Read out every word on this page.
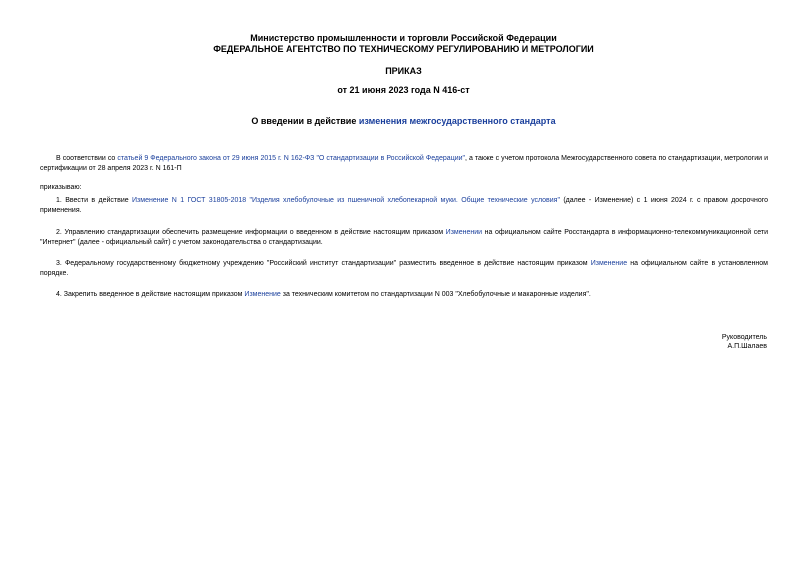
Министерство промышленности и торговли Российской Федерации
ФЕДЕРАЛЬНОЕ АГЕНТСТВО ПО ТЕХНИЧЕСКОМУ РЕГУЛИРОВАНИЮ И МЕТРОЛОГИИ
ПРИКАЗ
от 21 июня 2023 года N 416-ст
О введении в действие изменения межгосударственного стандарта
В соответствии со статьей 9 Федерального закона от 29 июня 2015 г. N 162-ФЗ "О стандартизации в Российской Федерации", а также с учетом протокола Межгосударственного совета по стандартизации, метрологии и сертификации от 28 апреля 2023 г. N 161-П
приказываю:
1. Ввести в действие Изменение N 1 ГОСТ 31805-2018 "Изделия хлебобулочные из пшеничной хлебопекарной муки. Общие технические условия" (далее - Изменение) с 1 июня 2024 г. с правом досрочного применения.
2. Управлению стандартизации обеспечить размещение информации о введенном в действие настоящим приказом Изменении на официальном сайте Росстандарта в информационно-телекоммуникационной сети "Интернет" (далее - официальный сайт) с учетом законодательства о стандартизации.
3. Федеральному государственному бюджетному учреждению "Российский институт стандартизации" разместить введенное в действие настоящим приказом Изменение на официальном сайте в установленном порядке.
4. Закрепить введенное в действие настоящим приказом Изменение за техническим комитетом по стандартизации N 003 "Хлебобулочные и макаронные изделия".
Руководитель
А.П.Шалаев
